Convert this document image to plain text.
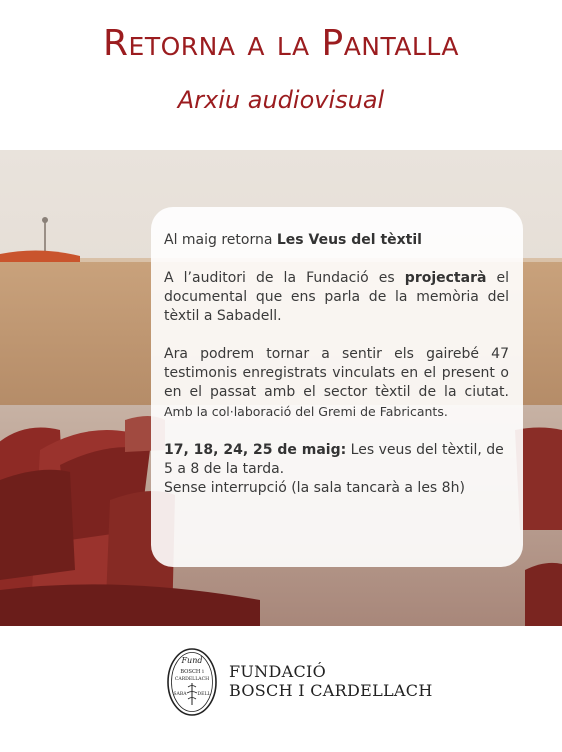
Retorna a la Pantalla
Arxiu audiovisual

Al maig retorna Les Veus del tèxtil

A l’auditori de la Fundació es projectarà el documental que ens parla de la memòria del tèxtil a Sabadell.

Ara podrem tornar a sentir els gairebé 47 testimonis enregistrats vinculats en el present o en el passat amb el sector tèxtil de la ciutat. Amb la col·laboració del Gremi de Fabricants.

17, 18, 24, 25 de maig: Les veus del tèxtil, de 5 a 8 de la tarda.

Sense interrupció (la sala tancarà a les 8h)

Fund
BOSCH i
CARDELLACH
SABA DELL
FUNDACIÓ
BOSCH I CARDELLACH
